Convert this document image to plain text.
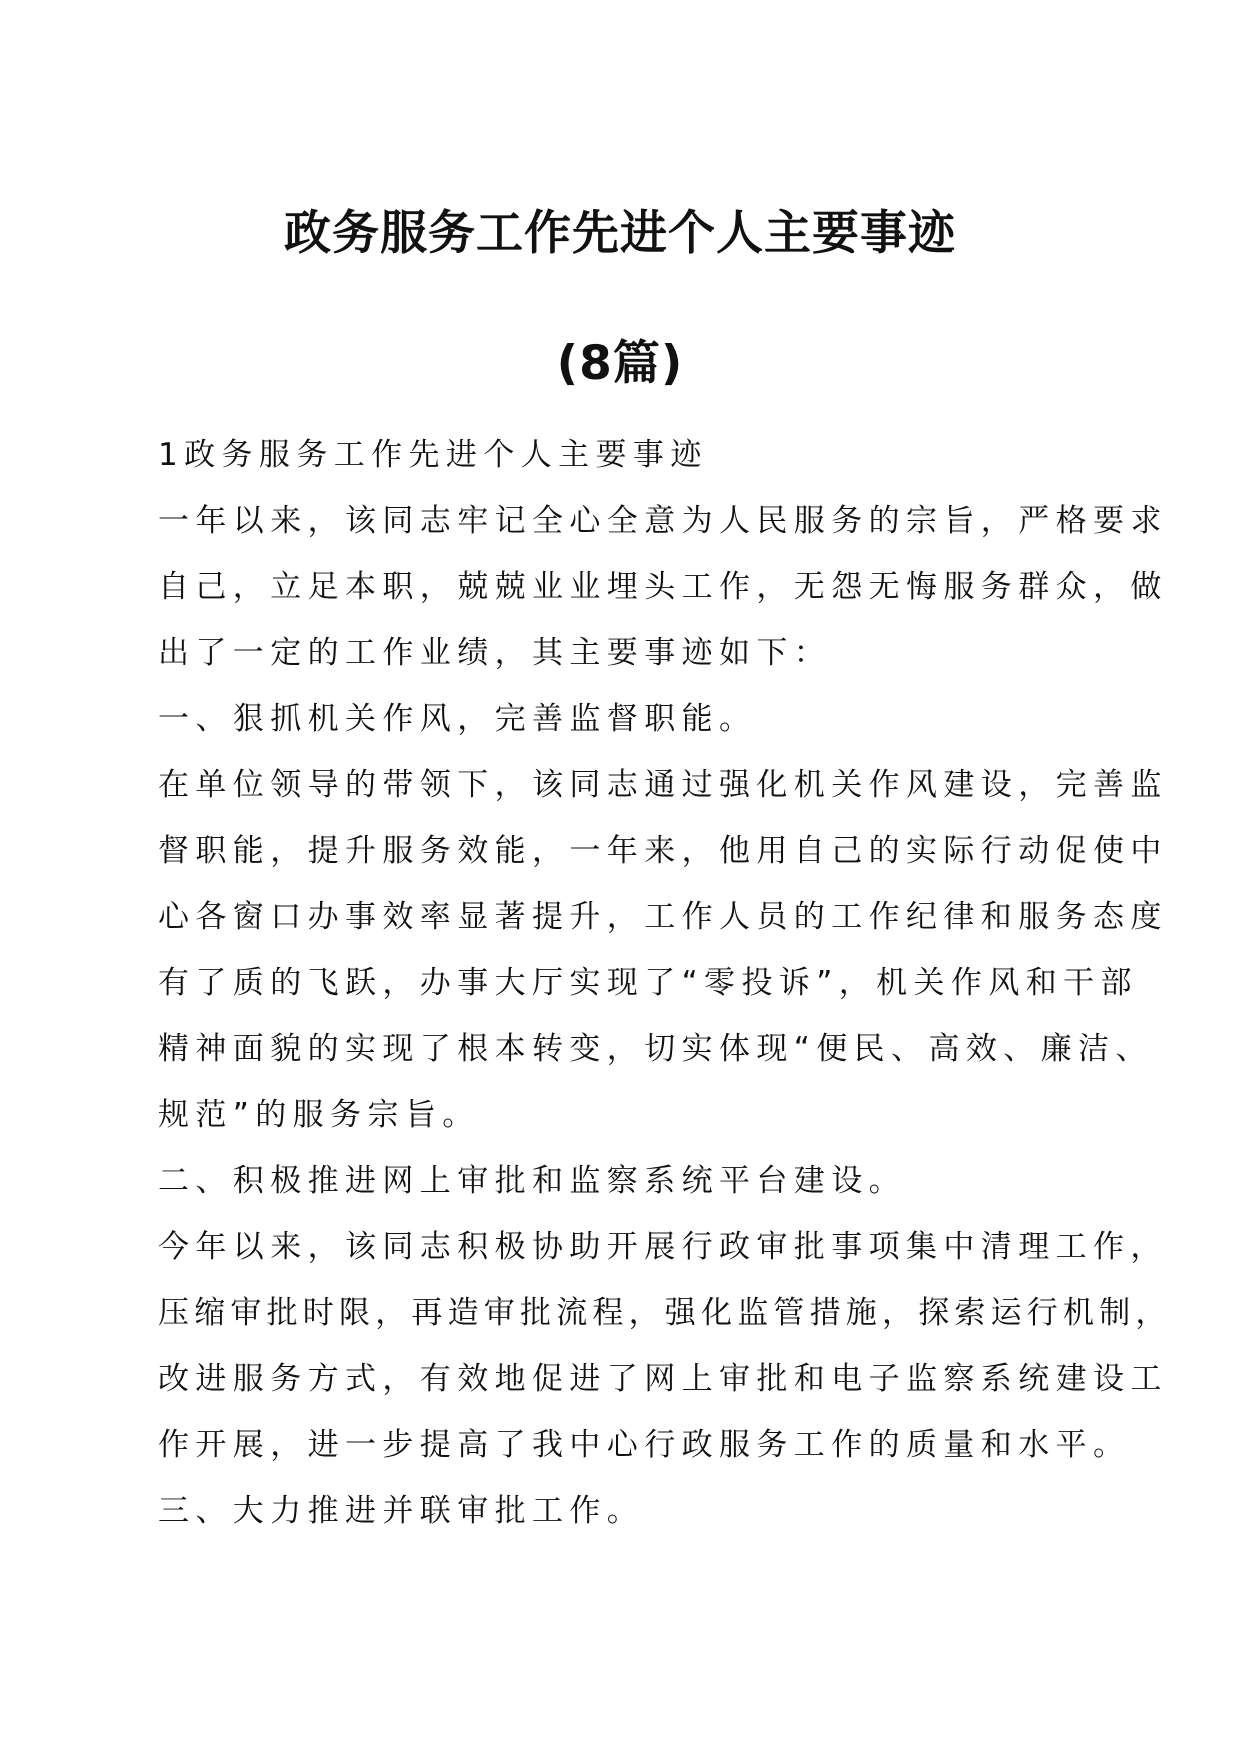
政务服务工作先进个人主要事迹
(8篇)
1政务服务工作先进个人主要事迹
一年以来，该同志牢记全心全意为人民服务的宗旨，严格要求
自己，立足本职，兢兢业业埋头工作，无怨无悔服务群众，做
出了一定的工作业绩，其主要事迹如下：
一、狠抓机关作风，完善监督职能。
在单位领导的带领下，该同志通过强化机关作风建设，完善监
督职能，提升服务效能，一年来，他用自己的实际行动促使中
心各窗口办事效率显著提升，工作人员的工作纪律和服务态度
有了质的飞跃，办事大厅实现了“零投诉”，机关作风和干部
精神面貌的实现了根本转变，切实体现“便民、高效、廉洁、
规范”的服务宗旨。
二、积极推进网上审批和监察系统平台建设。
今年以来，该同志积极协助开展行政审批事项集中清理工作，
压缩审批时限，再造审批流程，强化监管措施，探索运行机制，
改进服务方式，有效地促进了网上审批和电子监察系统建设工
作开展，进一步提高了我中心行政服务工作的质量和水平。
三、大力推进并联审批工作。
